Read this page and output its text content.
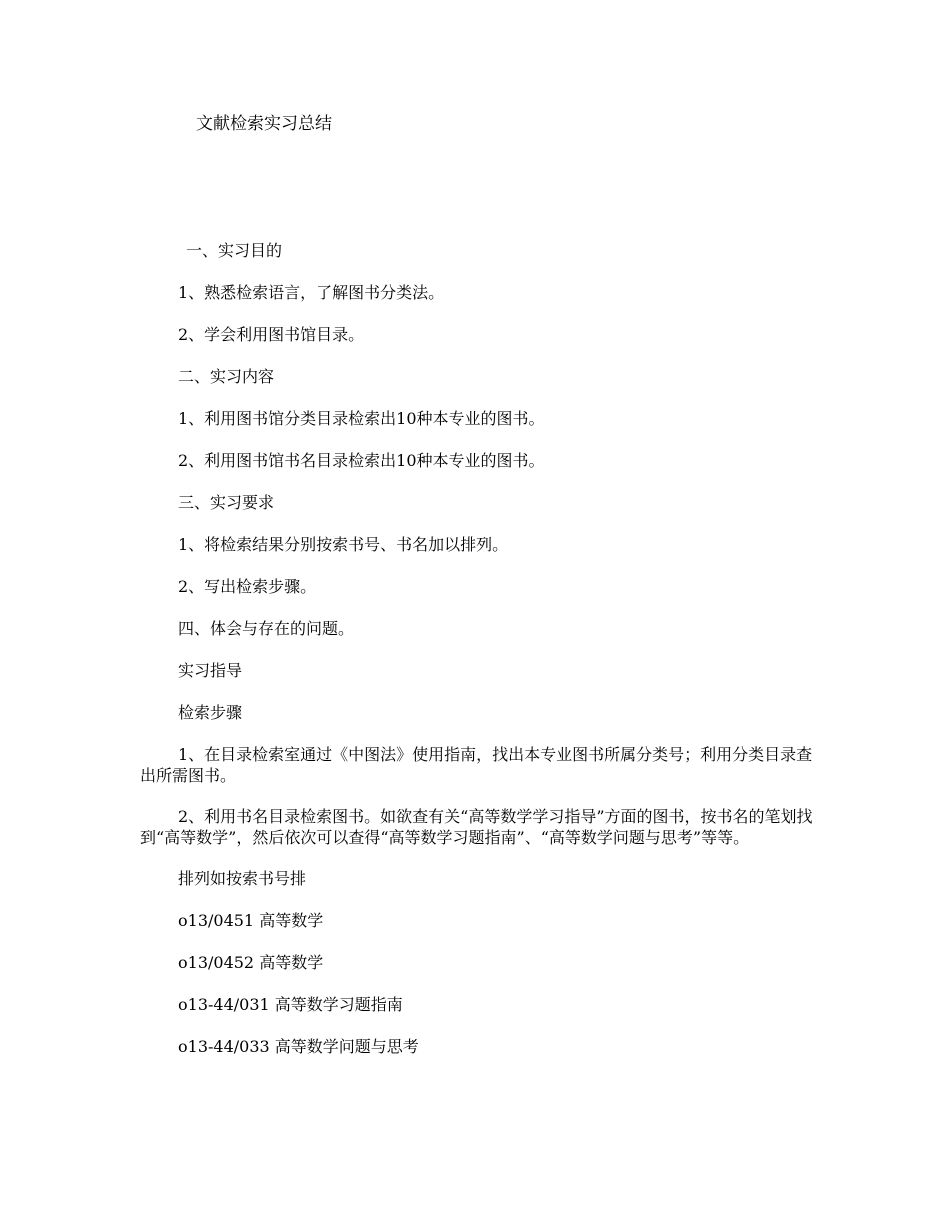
文献检索实习总结

一、实习目的

1、熟悉检索语言，了解图书分类法。

2、学会利用图书馆目录。

二、实习内容

1、利用图书馆分类目录检索出10种本专业的图书。

2、利用图书馆书名目录检索出10种本专业的图书。

三、实习要求

1、将检索结果分别按索书号、书名加以排列。

2、写出检索步骤。

四、体会与存在的问题。

实习指导

检索步骤

1、在目录检索室通过《中图法》使用指南，找出本专业图书所属分类号；利用分类目录查出所需图书。

2、利用书名目录检索图书。如欲查有关“高等数学学习指导”方面的图书，按书名的笔划找到“高等数学”，然后依次可以查得“高等数学习题指南”、“高等数学问题与思考”等等。

排列如按索书号排

o13/0451 高等数学

o13/0452 高等数学

o13-44/031 高等数学习题指南

o13-44/033 高等数学问题与思考
